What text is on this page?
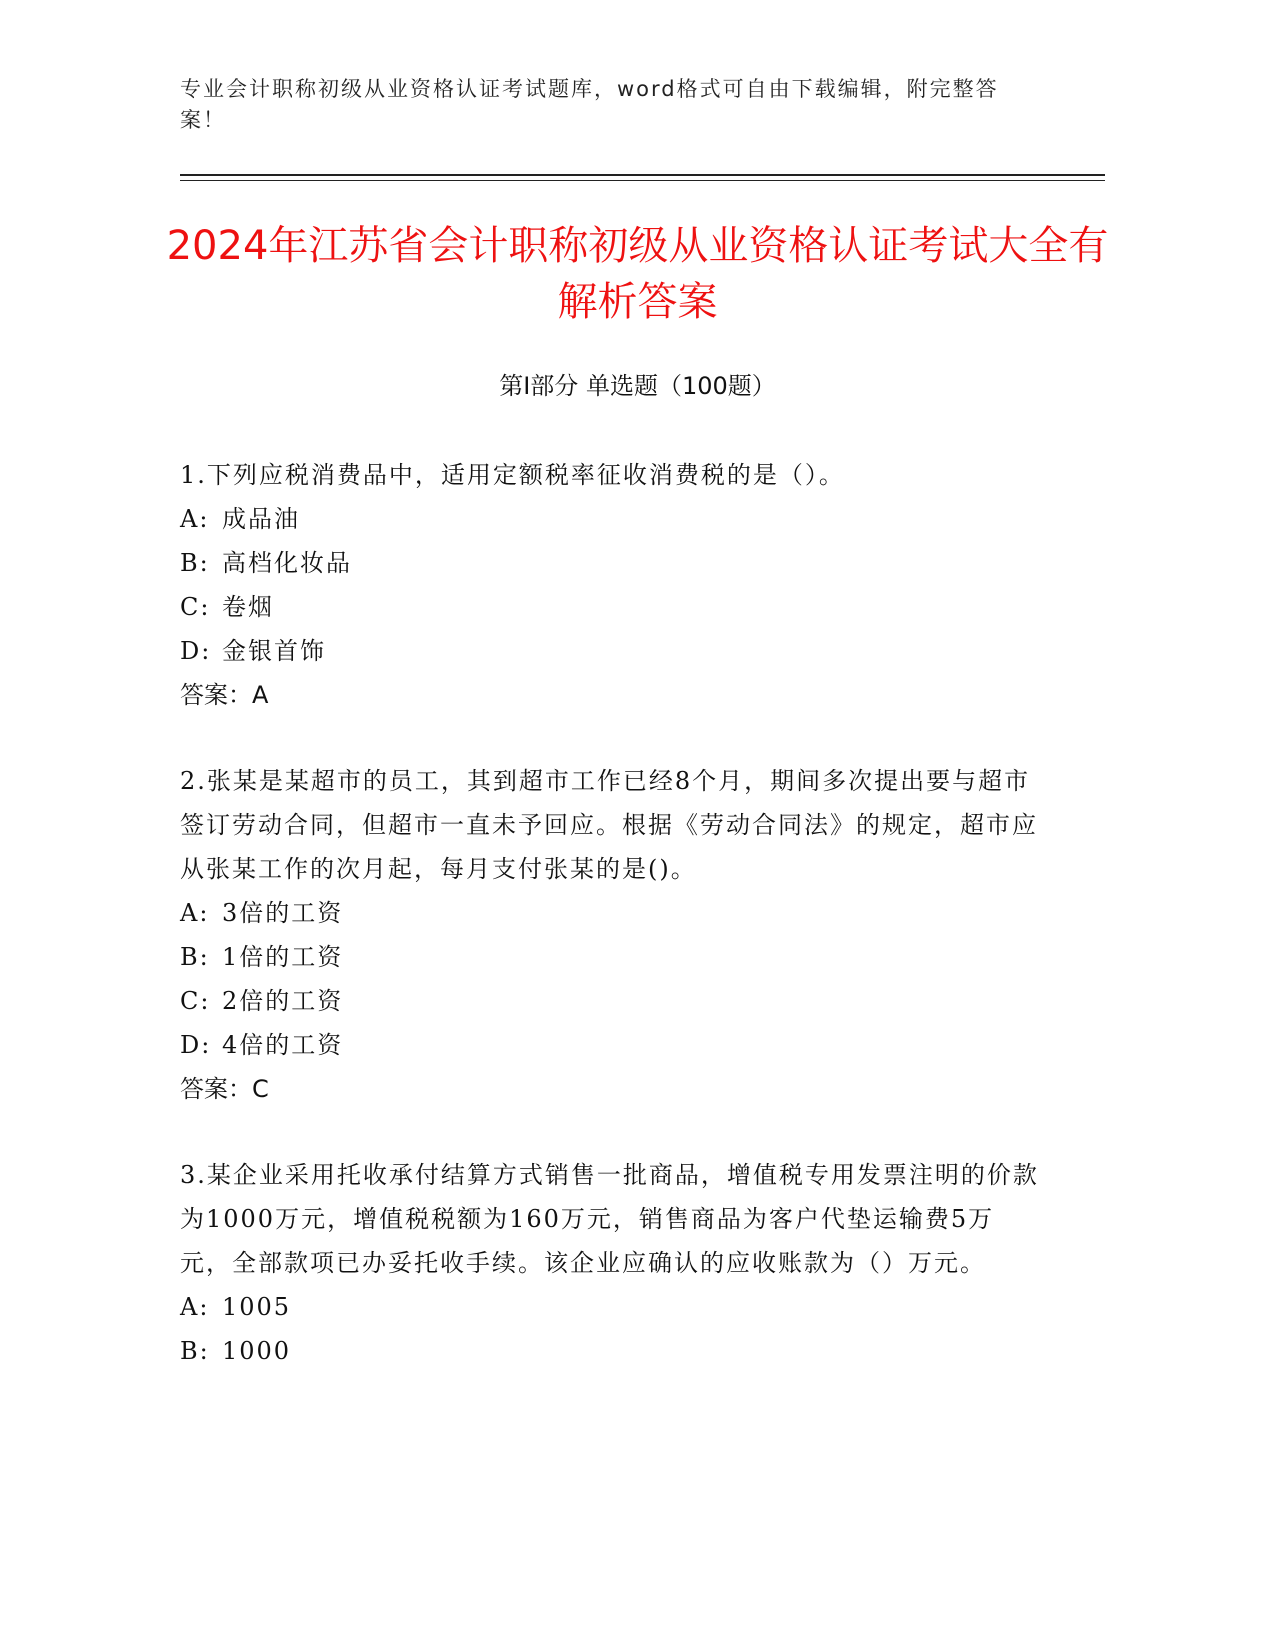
专业会计职称初级从业资格认证考试题库，word格式可自由下载编辑，附完整答案！
2024年江苏省会计职称初级从业资格认证考试大全有解析答案
第I部分 单选题（100题）

1.下列应税消费品中，适用定额税率征收消费税的是（）。

A: 成品油
B: 高档化妆品
C: 卷烟
D: 金银首饰

答案：A

2.张某是某超市的员工，其到超市工作已经8个月，期间多次提出要与超市签订劳动合同，但超市一直未予回应。根据《劳动合同法》的规定，超市应从张某工作的次月起，每月支付张某的是()。

A: 3倍的工资
B: 1倍的工资
C: 2倍的工资
D: 4倍的工资

答案：C

3.某企业采用托收承付结算方式销售一批商品，增值税专用发票注明的价款为1000万元，增值税税额为160万元，销售商品为客户代垫运输费5万元，全部款项已办妥托收手续。该企业应确认的应收账款为（）万元。

A: 1005
B: 1000
